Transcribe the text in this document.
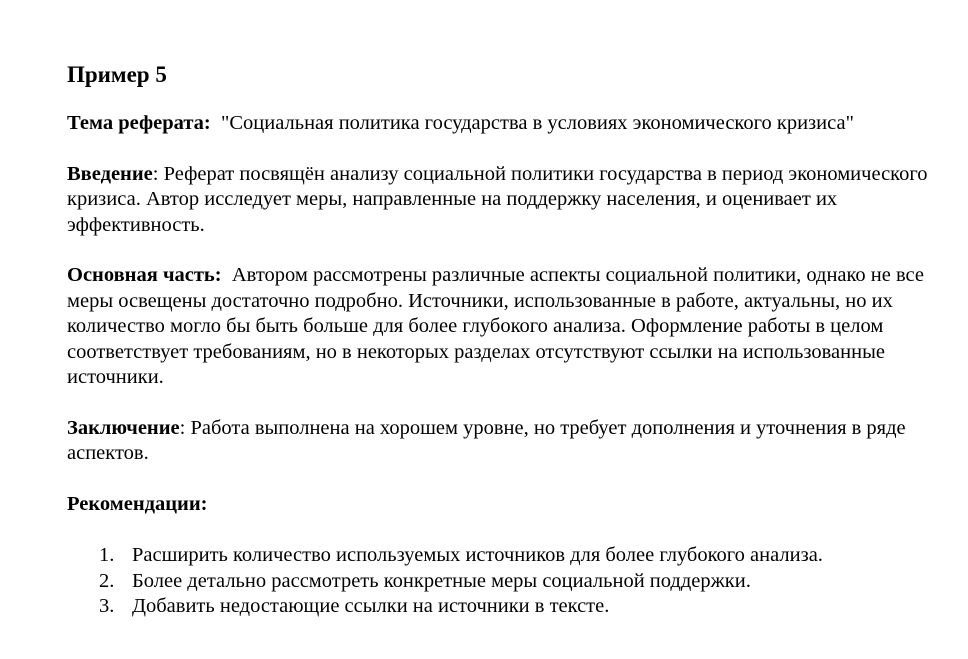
Пример 5
Тема реферата: "Социальная политика государства в условиях экономического кризиса"
Введение: Реферат посвящён анализу социальной политики государства в период экономического кризиса. Автор исследует меры, направленные на поддержку населения, и оценивает их эффективность.
Основная часть: Автором рассмотрены различные аспекты социальной политики, однако не все меры освещены достаточно подробно. Источники, использованные в работе, актуальны, но их количество могло бы быть больше для более глубокого анализа. Оформление работы в целом соответствует требованиям, но в некоторых разделах отсутствуют ссылки на использованные источники.
Заключение: Работа выполнена на хорошем уровне, но требует дополнения и уточнения в ряде аспектов.
Рекомендации:
1. Расширить количество используемых источников для более глубокого анализа.
2. Более детально рассмотреть конкретные меры социальной поддержки.
3. Добавить недостающие ссылки на источники в тексте.
